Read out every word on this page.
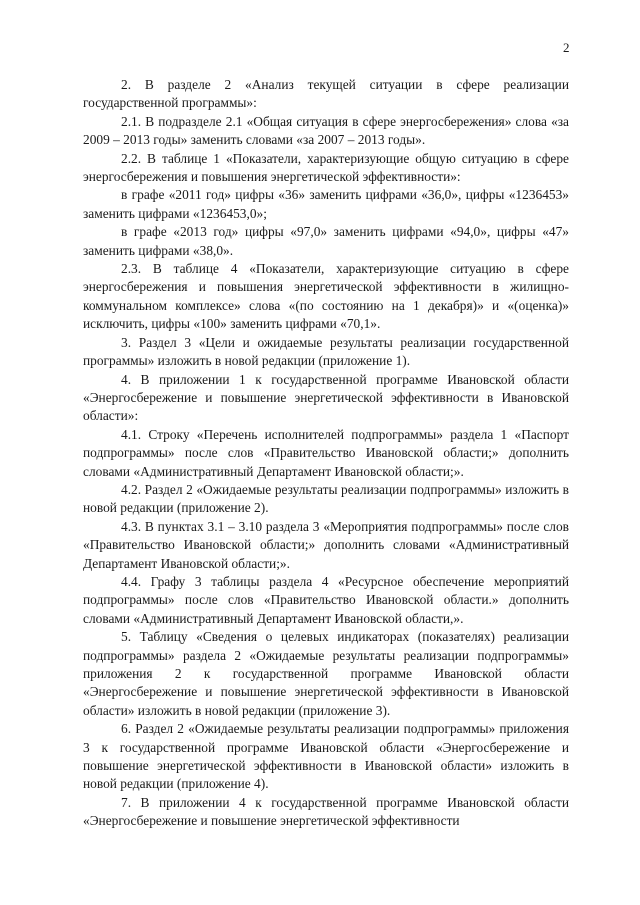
2

2. В разделе 2 «Анализ текущей ситуации в сфере реализации государственной программы»:

2.1. В подразделе 2.1 «Общая ситуация в сфере энергосбережения» слова «за 2009 – 2013 годы» заменить словами «за 2007 – 2013 годы».

2.2. В таблице 1 «Показатели, характеризующие общую ситуацию в сфере энергосбережения и повышения энергетической эффективности»:

в графе «2011 год» цифры «36» заменить цифрами «36,0», цифры «1236453» заменить цифрами «1236453,0»;

в графе «2013 год» цифры «97,0» заменить цифрами «94,0», цифры «47» заменить цифрами «38,0».

2.3. В таблице 4 «Показатели, характеризующие ситуацию в сфере энергосбережения и повышения энергетической эффективности в жилищно-коммунальном комплексе» слова «(по состоянию на 1 декабря)» и «(оценка)» исключить, цифры «100» заменить цифрами «70,1».

3. Раздел 3 «Цели и ожидаемые результаты реализации государственной программы» изложить в новой редакции (приложение 1).

4. В приложении 1 к государственной программе Ивановской области «Энергосбережение и повышение энергетической эффективности в Ивановской области»:

4.1. Строку «Перечень исполнителей подпрограммы» раздела 1 «Паспорт подпрограммы» после слов «Правительство Ивановской области;» дополнить словами «Административный Департамент Ивановской области;».

4.2. Раздел 2 «Ожидаемые результаты реализации подпрограммы» изложить в новой редакции (приложение 2).

4.3. В пунктах 3.1 – 3.10 раздела 3 «Мероприятия подпрограммы» после слов «Правительство Ивановской области;» дополнить словами «Административный Департамент Ивановской области;».

4.4. Графу 3 таблицы раздела 4 «Ресурсное обеспечение мероприятий подпрограммы» после слов «Правительство Ивановской области.» дополнить словами «Административный Департамент Ивановской области,».

5. Таблицу «Сведения о целевых индикаторах (показателях) реализации подпрограммы» раздела 2 «Ожидаемые результаты реализации подпрограммы» приложения 2 к государственной программе Ивановской области «Энергосбережение и повышение энергетической эффективности в Ивановской области» изложить в новой редакции (приложение 3).

6. Раздел 2 «Ожидаемые результаты реализации подпрограммы» приложения 3 к государственной программе Ивановской области «Энергосбережение и повышение энергетической эффективности в Ивановской области» изложить в новой редакции (приложение 4).

7. В приложении 4 к государственной программе Ивановской области «Энергосбережение и повышение энергетической эффективности
